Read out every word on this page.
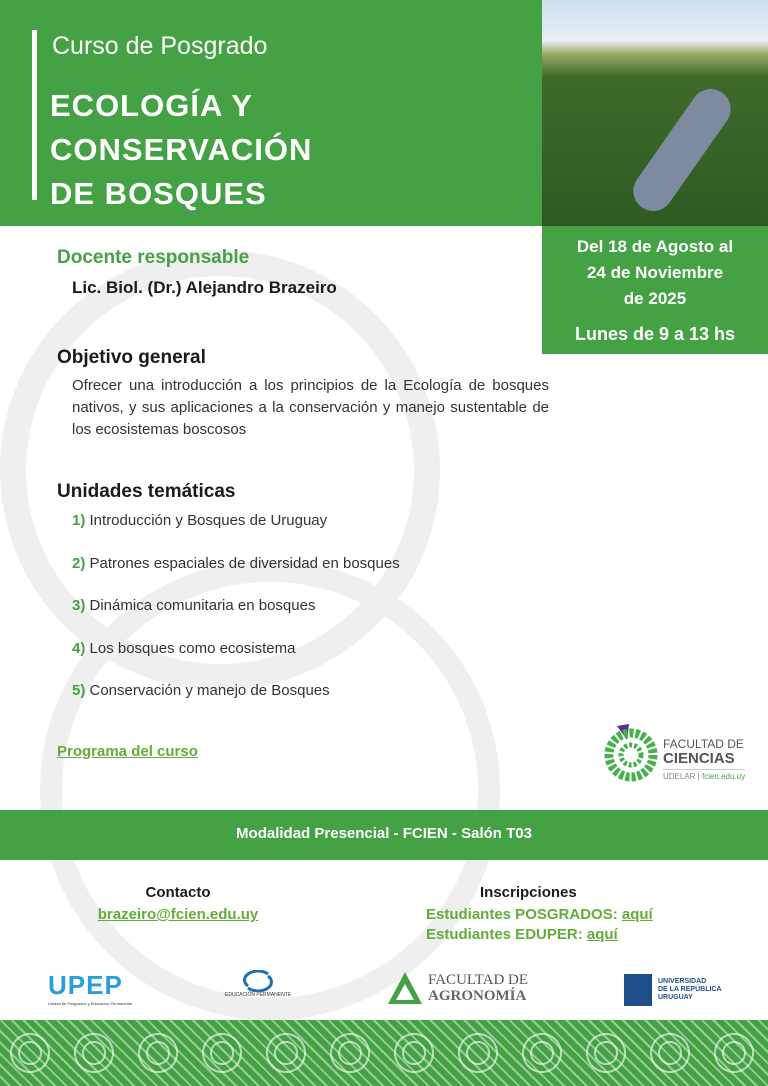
Curso de Posgrado
ECOLOGÍA Y
CONSERVACIÓN
DE BOSQUES
Del 18 de Agosto al
24 de Noviembre
de 2025
Lunes de 9 a 13 hs
Docente responsable
Lic. Biol. (Dr.) Alejandro Brazeiro
Objetivo general
Ofrecer una introducción a los principios de la Ecología de bosques nativos, y sus aplicaciones a la conservación y manejo sustentable de los ecosistemas boscosos
Unidades temáticas
1) Introducción y Bosques de Uruguay
2) Patrones espaciales de diversidad en bosques
3) Dinámica comunitaria en bosques
4) Los bosques como ecosistema
5) Conservación y manejo de Bosques
Programa del curso	FACULTAD DE
CIENCIAS
UDELAR | fcien.edu.uy
Modalidad Presencial - FCIEN - Salón T03
Contacto
brazeiro@fcien.edu.uy
Inscripciones
Estudiantes POSGRADOS: aquí
Estudiantes EDUPER: aquí
UPEP
Unidad de Posgrados y Educación Permanente
EDUCACIÓN PERMANENTE
FACULTAD DE
AGRONOMÍA
UNIVERSIDAD
DE LA REPÚBLICA
URUGUAY
